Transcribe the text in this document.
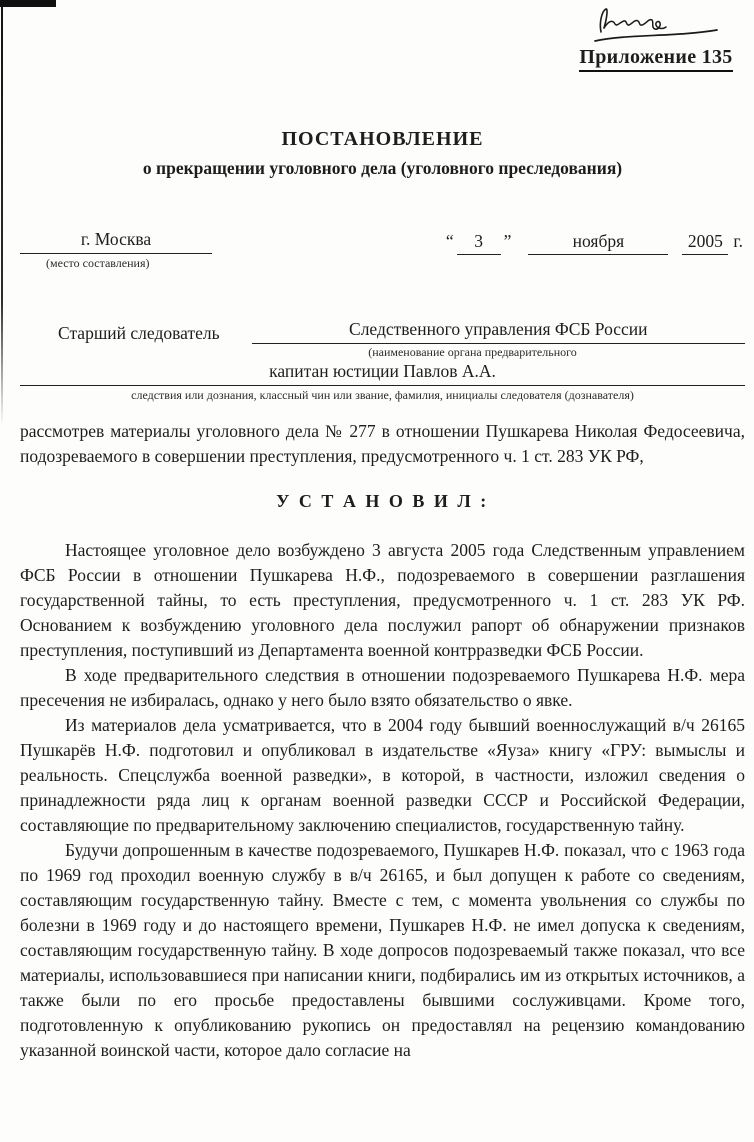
Приложение 135
ПОСТАНОВЛЕНИЕ
о прекращении уголовного дела (уголовного преследования)
г. Москва
(место составления)
“	3	”	ноября	2005 г.
Старший следователь	Следственного управления ФСБ России
(наименование органа предварительного
капитан юстиции Павлов А.А.
следствия или дознания, классный чин или звание, фамилия, инициалы следователя (дознавателя)

рассмотрев материалы уголовного дела № 277 в отношении Пушкарева Николая Федосеевича, подозреваемого в совершении преступления, предусмотренного ч. 1 ст. 283 УК РФ,

У С Т А Н О В И Л :

Настоящее уголовное дело возбуждено 3 августа 2005 года Следственным управлением ФСБ России в отношении Пушкарева Н.Ф., подозреваемого в совершении разглашения государственной тайны, то есть преступления, предусмотренного ч. 1 ст. 283 УК РФ. Основанием к возбуждению уголовного дела послужил рапорт об обнаружении признаков преступления, поступивший из Департамента военной контрразведки ФСБ России.

В ходе предварительного следствия в отношении подозреваемого Пушкарева Н.Ф. мера пресечения не избиралась, однако у него было взято обязательство о явке.

Из материалов дела усматривается, что в 2004 году бывший военнослужащий в/ч 26165 Пушкарёв Н.Ф. подготовил и опубликовал в издательстве «Яуза» книгу «ГРУ: вымыслы и реальность. Спецслужба военной разведки», в которой, в частности, изложил сведения о принадлежности ряда лиц к органам военной разведки СССР и Российской Федерации, составляющие по предварительному заключению специалистов, государственную тайну.

Будучи допрошенным в качестве подозреваемого, Пушкарев Н.Ф. показал, что с 1963 года по 1969 год проходил военную службу в в/ч 26165, и был допущен к работе со сведениям, составляющим государственную тайну. Вместе с тем, с момента увольнения со службы по болезни в 1969 году и до настоящего времени, Пушкарев Н.Ф. не имел допуска к сведениям, составляющим государственную тайну. В ходе допросов подозреваемый также показал, что все материалы, использовавшиеся при написании книги, подбирались им из открытых источников, а также были по его просьбе предоставлены бывшими сослуживцами. Кроме того, подготовленную к опубликованию рукопись он предоставлял на рецензию командованию указанной воинской части, которое дало согласие на
